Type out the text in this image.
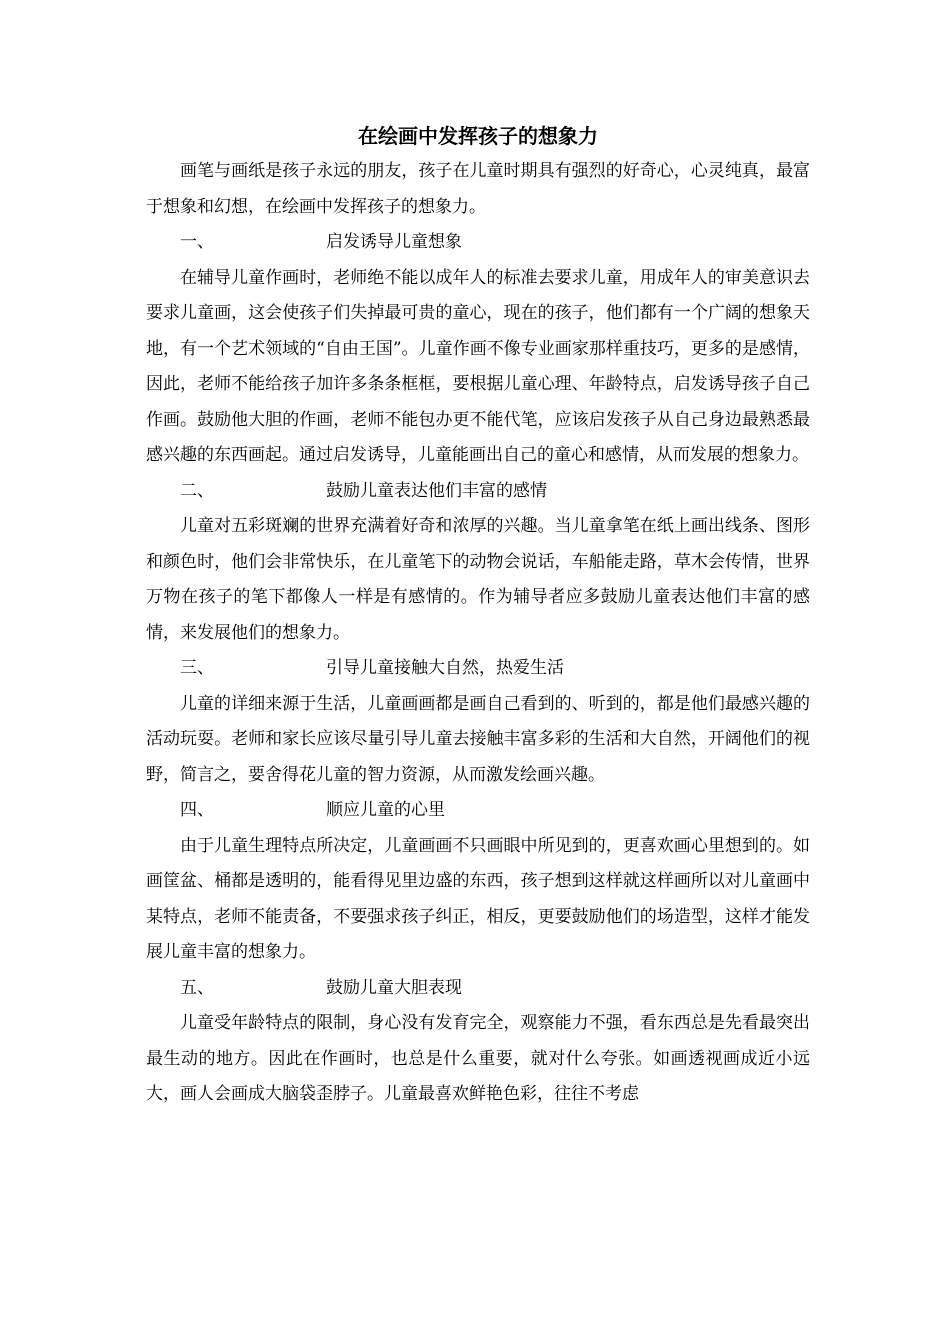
在绘画中发挥孩子的想象力

画笔与画纸是孩子永远的朋友，孩子在儿童时期具有强烈的好奇心，心灵纯真，最富于想象和幻想，在绘画中发挥孩子的想象力。

一、	启发诱导儿童想象

在辅导儿童作画时，老师绝不能以成年人的标准去要求儿童，用成年人的审美意识去要求儿童画，这会使孩子们失掉最可贵的童心，现在的孩子，他们都有一个广阔的想象天地，有一个艺术领域的“自由王国”。儿童作画不像专业画家那样重技巧，更多的是感情，因此，老师不能给孩子加许多条条框框，要根据儿童心理、年龄特点，启发诱导孩子自己作画。鼓励他大胆的作画，老师不能包办更不能代笔，应该启发孩子从自己身边最熟悉最感兴趣的东西画起。通过启发诱导，儿童能画出自己的童心和感情，从而发展的想象力。

二、	鼓励儿童表达他们丰富的感情

儿童对五彩斑斓的世界充满着好奇和浓厚的兴趣。当儿童拿笔在纸上画出线条、图形和颜色时，他们会非常快乐，在儿童笔下的动物会说话，车船能走路，草木会传情，世界万物在孩子的笔下都像人一样是有感情的。作为辅导者应多鼓励儿童表达他们丰富的感情，来发展他们的想象力。

三、	引导儿童接触大自然，热爱生活

儿童的详细来源于生活，儿童画画都是画自己看到的、听到的，都是他们最感兴趣的活动玩耍。老师和家长应该尽量引导儿童去接触丰富多彩的生活和大自然，开阔他们的视野，简言之，要舍得花儿童的智力资源，从而激发绘画兴趣。

四、	顺应儿童的心里

由于儿童生理特点所决定，儿童画画不只画眼中所见到的，更喜欢画心里想到的。如画筐盆、桶都是透明的，能看得见里边盛的东西，孩子想到这样就这样画所以对儿童画中某特点，老师不能责备，不要强求孩子纠正，相反，更要鼓励他们的场造型，这样才能发展儿童丰富的想象力。

五、	鼓励儿童大胆表现

儿童受年龄特点的限制，身心没有发育完全，观察能力不强，看东西总是先看最突出最生动的地方。因此在作画时，也总是什么重要，就对什么夸张。如画透视画成近小远大，画人会画成大脑袋歪脖子。儿童最喜欢鲜艳色彩，往往不考虑
